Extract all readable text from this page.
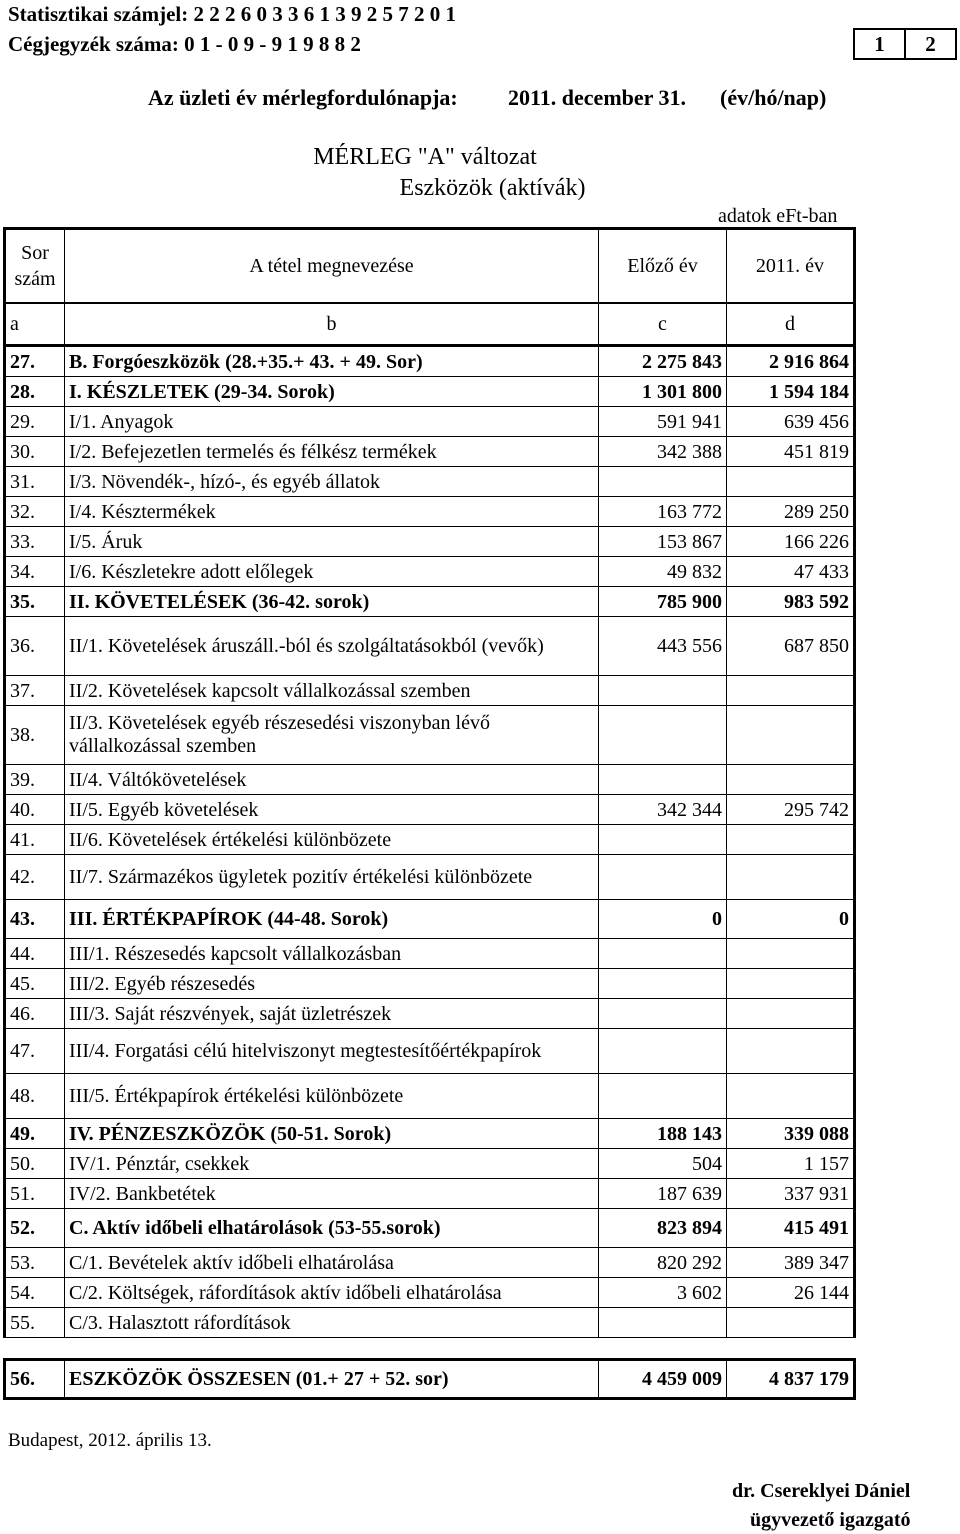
Statisztikai számjel: 2 2 2 6 0 3 3 6 1 3 9 2 5 7 2 0 1
Cégjegyzék száma: 0 1 - 0 9 - 9 1 9 8 8 2	1	2
Az üzleti év mérlegfordulónapja: 2011. december 31. (év/hó/nap)
MÉRLEG "A" változat
Eszközök (aktívák)
adatok eFt-ban
Sor
szám	A tétel megnevezése	Előző év	2011. év
a	b	c	d
27.	B. Forgóeszközök (28.+35.+ 43. + 49. Sor)	2 275 843	2 916 864
28.	I. KÉSZLETEK (29-34. Sorok)	1 301 800	1 594 184
29.	I/1. Anyagok	591 941	639 456
30.	I/2. Befejezetlen termelés és félkész termékek	342 388	451 819
31.	I/3. Növendék-, hízó-, és egyéb állatok		
32.	I/4. Késztermékek	163 772	289 250
33.	I/5. Áruk	153 867	166 226
34.	I/6. Készletekre adott előlegek	49 832	47 433
35.	II. KÖVETELÉSEK (36-42. sorok)	785 900	983 592
36.	II/1. Követelések áruszáll.-ból és szolgáltatásokból (vevők)	443 556	687 850
37.	II/2. Követelések kapcsolt vállalkozással szemben		
38.	II/3. Követelések egyéb részesedési viszonyban lévő vállalkozással szemben		
39.	II/4. Váltókövetelések		
40.	II/5. Egyéb követelések	342 344	295 742
41.	II/6. Követelések értékelési különbözete		
42.	II/7. Származékos ügyletek pozitív értékelési különbözete		
43.	III. ÉRTÉKPAPÍROK (44-48. Sorok)	0	0
44.	III/1. Részesedés kapcsolt vállalkozásban		
45.	III/2. Egyéb részesedés		
46.	III/3. Saját részvények, saját üzletrészek		
47.	III/4. Forgatási célú hitelviszonyt megtestesítőértékpapírok		
48.	III/5. Értékpapírok értékelési különbözete		
49.	IV. PÉNZESZKÖZÖK (50-51. Sorok)	188 143	339 088
50.	IV/1. Pénztár, csekkek	504	1 157
51.	IV/2. Bankbetétek	187 639	337 931
52.	C. Aktív időbeli elhatárolások (53-55.sorok)	823 894	415 491
53.	C/1. Bevételek aktív időbeli elhatárolása	820 292	389 347
54.	C/2. Költségek, ráfordítások aktív időbeli elhatárolása	3 602	26 144
55.	C/3. Halasztott ráfordítások		

56.	ESZKÖZÖK ÖSSZESEN (01.+ 27 + 52. sor)	4 459 009	4 837 179
Budapest, 2012. április 13.
dr. Csereklyei Dániel
ügyvezető igazgató
